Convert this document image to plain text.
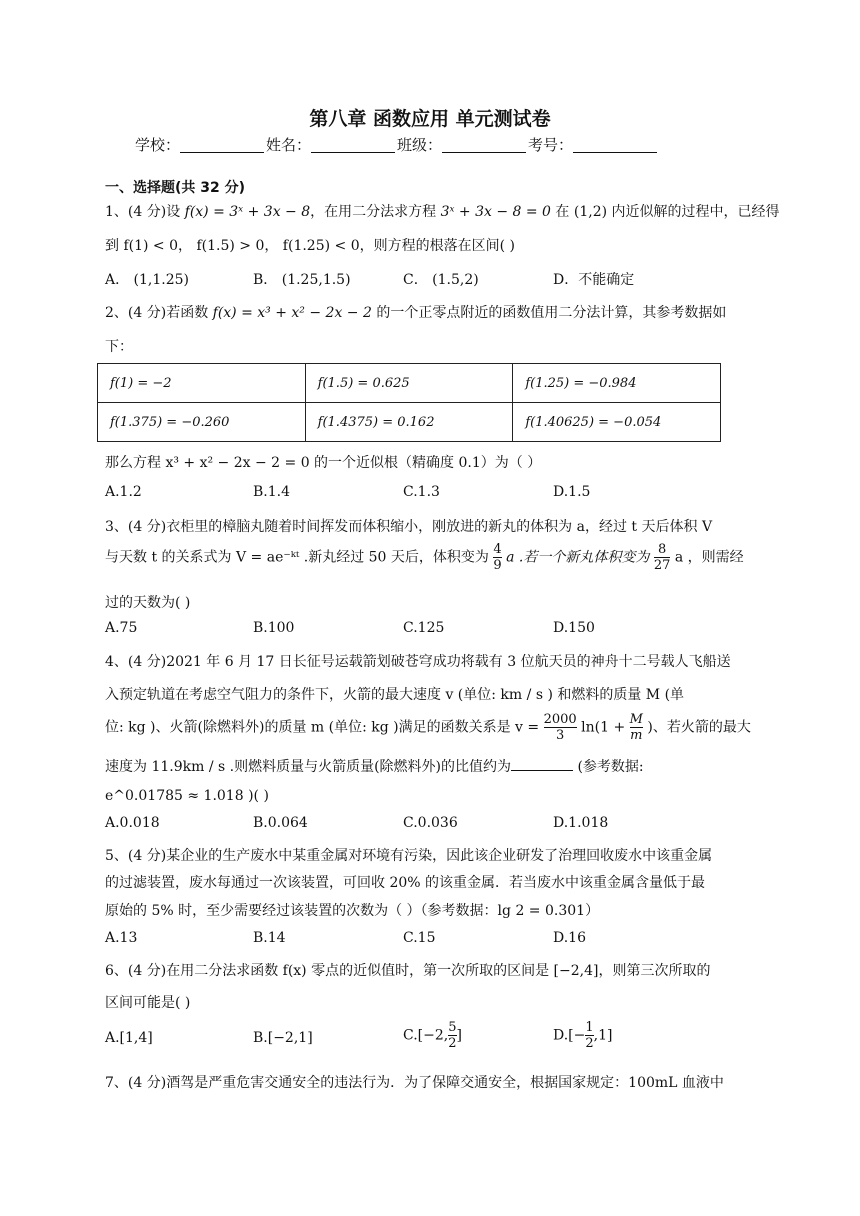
第八章 函数应用 单元测试卷
学校：	姓名：	班级：	考号：
一、选择题(共 32 分)
1、(4 分)设 f(x) = 3ˣ + 3x − 8，在用二分法求方程 3ˣ + 3x − 8 = 0 在 (1,2) 内近似解的过程中，已经得
到 f(1) < 0， f(1.5) > 0， f(1.25) < 0，则方程的根落在区间( )
A． (1,1.25)	B． (1.25,1.5)	C． (1.5,2)	D．不能确定
2、(4 分)若函数 f(x) = x³ + x² − 2x − 2 的一个正零点附近的函数值用二分法计算，其参考数据如
下：
f(1) = −2	f(1.5) = 0.625	f(1.25) = −0.984
f(1.375) = −0.260	f(1.4375) = 0.162	f(1.40625) = −0.054
那么方程 x³ + x² − 2x − 2 = 0 的一个近似根（精确度 0.1）为（ ）
A.1.2	B.1.4	C.1.3	D.1.5
3、(4 分)衣柜里的樟脑丸随着时间挥发而体积缩小，刚放进的新丸的体积为 a，经过 t 天后体积 V
与天数 t 的关系式为 V = ae⁻ᵏᵗ .新丸经过 50 天后，体积变为 $\frac{4}{9}$ a .若一个新丸体积变为 $\frac{8}{27}$ a ，则需经
过的天数为( )
A.75	B.100	C.125	D.150
4、(4 分)2021 年 6 月 17 日长征号运载箭划破苍穹成功将载有 3 位航天员的神舟十二号载人飞船送
入预定轨道在考虑空气阻力的条件下，火箭的最大速度 v (单位: km / s ) 和燃料的质量 M (单
位: kg )、火箭(除燃料外)的质量 m (单位: kg )满足的函数关系是 $v = \frac{2000}{3} \ln(1 + \frac{M}{m}$ )、若火箭的最大
速度为 11.9km / s .则燃料质量与火箭质量(除燃料外)的比值约为	(参考数据:
e^0.01785 ≈ 1.018 )( )
A.0.018	B.0.064	C.0.036	D.1.018
5、(4 分)某企业的生产废水中某重金属对环境有污染，因此该企业研发了治理回收废水中该重金属
的过滤装置，废水每通过一次该装置，可回收 20% 的该重金属．若当废水中该重金属含量低于最
原始的 5% 时，至少需要经过该装置的次数为（ ）（参考数据：lg 2 = 0.301）
A.13	B.14	C.15	D.16
6、(4 分)在用二分法求函数 f(x) 零点的近似值时，第一次所取的区间是 [−2,4]，则第三次所取的
区间可能是( )
A.[1,4]	B.[−2,1]	C.[−2, $\frac{5}{2}$ ]	$D.[- \frac{1}{2} ,1]$
7、(4 分)酒驾是严重危害交通安全的违法行为．为了保障交通安全，根据国家规定：100mL 血液中
